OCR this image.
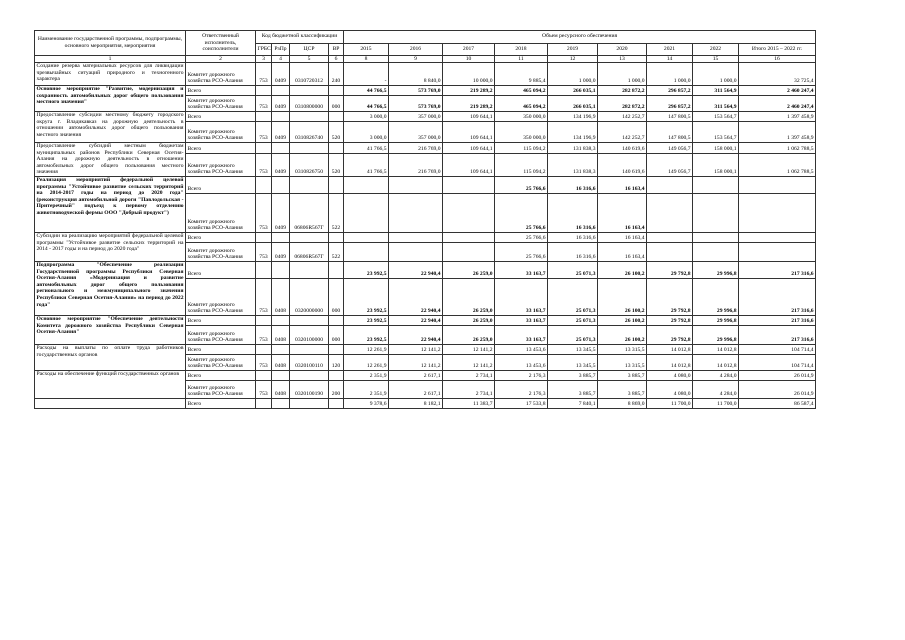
Наименование государственной программы, подпрограммы, основного мероприятия, мероприятия	Ответственный исполнитель, соисполнители	Код бюджетной классификации				Объем ресурсного обеспечения								
		ГРБС	РзПр	ЦСР	ВР	2015	2016	2017	2018	2019	2020	2021	2022	Итого 2015 – 2022 гг.
1	2	3	4	5	6	8	9	10	11	12	13	14	15	16
Создание резерва материальных ресурсов для ликвидации чрезвычайных ситуаций природного и техногенного характера	Комитет дорожного хозяйства РСО-Алания	753	0409	0310720312	240	-	8 840,0	10 000,0	9 885,4	1 000,0	1 000,0	1 000,0	1 000,0	32 725,4
Основное мероприятие "Развитие, модернизация и сохранность автомобильных дорог общего пользования местного значения"	Всего					44 766,5	573 769,0	219 289,2	465 094,2	266 035,1	282 872,2	296 857,2	311 564,9	2 460 247,4
	Комитет дорожного хозяйства РСО-Алания	753	0409	0310800000	000	44 766,5	573 769,0	219 289,2	465 094,2	266 035,1	282 872,2	296 857,2	311 564,9	2 460 247,4
Предоставление субсидии местному бюджету городского округа г. Владикавказ на дорожную деятельность в отношении автомобильных дорог общего пользования местного значения	Всего					3 000,0	357 000,0	109 644,1	350 000,0	134 196,9	142 252,7	147 800,5	153 564,7	1 397 458,9
	Комитет дорожного хозяйства РСО-Алания	753	0409	0310826740	520	3 000,0	357 000,0	109 644,1	350 000,0	134 196,9	142 252,7	147 800,5	153 564,7	1 397 458,9
Предоставление субсидий местным бюджетам муниципальных районов Республики Северная Осетия-Алания на дорожную деятельность в отношении автомобильных дорог общего пользования местного значения	Всего					41 766,5	216 769,0	109 644,1	115 094,2	131 838,3	140 619,6	149 056,7	158 000,1	1 062 788,5
	Комитет дорожного хозяйства РСО-Алания	753	0409	0310826750	520	41 766,5	216 769,0	109 644,1	115 094,2	131 838,3	140 619,6	149 056,7	158 000,1	1 062 788,5
Реализация мероприятий федеральной целевой программы "Устойчивое развитие сельских территорий на 2014-2017 годы на период до 2020 года" (реконструкция автомобильной дороги "Павлодольская - Притеречный" подъезд к первому отделению животноводческой фермы ООО "Добрый продукт")	Всего								25 766,6	16 316,6	16 163,4			
	Комитет дорожного хозяйства РСО-Алания	753	0409	06806R567Г	522				25 766,6	16 316,6	16 163,4			
Субсидии на реализацию мероприятий федеральной целевой программы "Устойчивое развитие сельских территорий на 2014 - 2017 годы и на период до 2020 года"	Всего								25 766,6	16 316,6	16 163,4			
	Комитет дорожного хозяйства РСО-Алания	753	0409	06806R567Г	522				25 766,6	16 316,6	16 163,4			
Подпрограмма "Обеспечение реализации Государственной программы Республики Северная Осетия-Алания «Модернизация и развитие автомобильных дорог общего пользования регионального и межмуниципального значения Республики Северная Осетия-Алания» на период до 2022 года"	Всего					23 992,5	22 940,4	26 259,0	33 163,7	25 071,3	26 100,2	29 792,8	29 996,8	217 316,6
	Комитет дорожного хозяйства РСО-Алания	753	0408	0320000000	000	23 992,5	22 940,4	26 259,0	33 163,7	25 071,3	26 100,2	29 792,8	29 996,8	217 316,6
Основное мероприятие "Обеспечение деятельности Комитета дорожного хозяйства Республики Северная Осетия-Алания"	Всего					23 992,5	22 940,4	26 259,0	33 163,7	25 071,3	26 100,2	29 792,8	29 996,8	217 316,6
	Комитет дорожного хозяйства РСО-Алания	753	0408	0320100000	000	23 992,5	22 940,4	26 259,0	33 163,7	25 071,3	26 100,2	29 792,8	29 996,8	217 316,6
Расходы на выплаты по оплате труда работников государственных органов	Всего					12 261,9	12 141,2	12 141,2	13 453,6	13 345,5	13 315,5	14 012,8	14 012,8	104 714,4
	Комитет дорожного хозяйства РСО-Алания	753	0408	0320100110	120	12 261,9	12 141,2	12 141,2	13 453,6	13 345,5	13 315,5	14 012,8	14 012,8	104 714,4
Расходы на обеспечение функций государственных органов	Всего					2 351,9	2 617,1	2 734,1	2 176,3	3 885,7	3 885,7	4 080,0	4 284,0	26 014,9
	Комитет дорожного хозяйства РСО-Алания	753	0408	0320100190	200	2 351,9	2 617,1	2 734,1	2 176,3	3 885,7	3 885,7	4 080,0	4 284,0	26 014,9
	Всего					9 378,6	8 182,1	11 383,7	17 533,8	7 840,1	8 869,0	11 700,0	11 700,0	86 587,4
